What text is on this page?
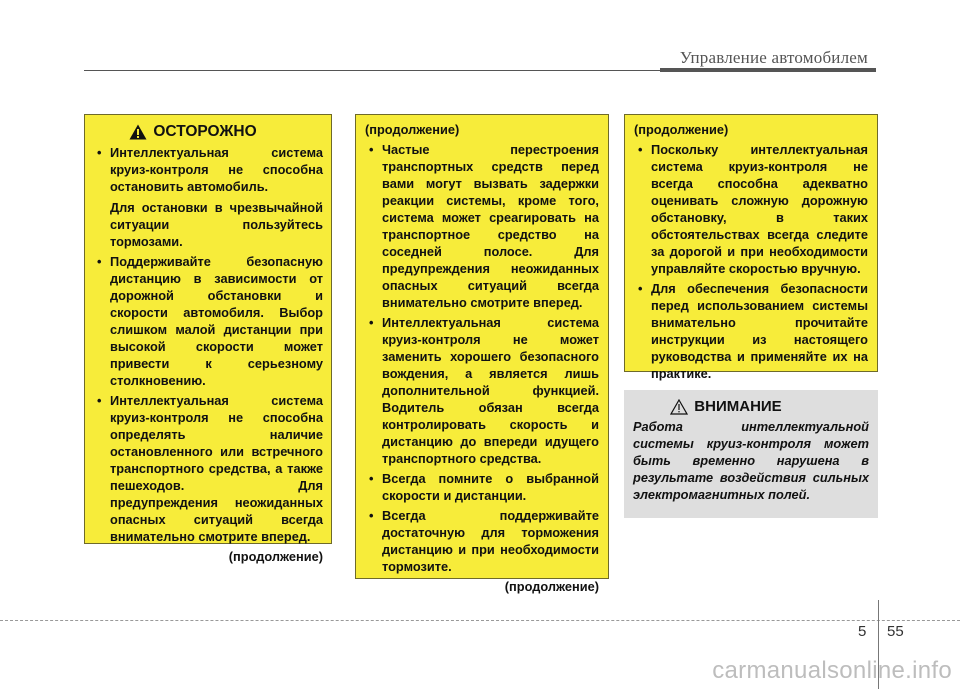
Управление автомобилем
ОСТОРОЖНО
• Интеллектуальная система круиз-контроля не способна остановить автомобиль.
Для остановки в чрезвычайной ситуации пользуйтесь тормозами.
• Поддерживайте безопасную дистанцию в зависимости от дорожной обстановки и скорости автомобиля. Выбор слишком малой дистанции при высокой скорости может привести к серьезному столкновению.
• Интеллектуальная система круиз-контроля не способна определять наличие остановленного или встречного транспортного средства, а также пешеходов. Для предупреждения неожиданных опасных ситуаций всегда внимательно смотрите вперед.

(продолжение)

(продолжение)

• Частые перестроения транспортных средств перед вами могут вызвать задержки реакции системы, кроме того, система может среагировать на транспортное средство на соседней полосе. Для предупреждения неожиданных опасных ситуаций всегда внимательно смотрите вперед.
• Интеллектуальная система круиз-контроля не может заменить хорошего безопасного вождения, а является лишь дополнительной функцией. Водитель обязан всегда контролировать скорость и дистанцию до впереди идущего транспортного средства.
• Всегда помните о выбранной скорости и дистанции.
• Всегда поддерживайте достаточную для торможения дистанцию и при необходимости тормозите.

(продолжение)

(продолжение)

• Поскольку интеллектуальная система круиз-контроля не всегда способна адекватно оценивать сложную дорожную обстановку, в таких обстоятельствах всегда следите за дорогой и при необходимости управляйте скоростью вручную.
• Для обеспечения безопасности перед использованием системы внимательно прочитайте инструкции из настоящего руководства и применяйте их на практике.
ВНИМАНИЕ
Работа интеллектуальной системы круиз-контроля может быть временно нарушена в результате воздействия сильных электромагнитных полей.
5 55
carmanualsonline.info
